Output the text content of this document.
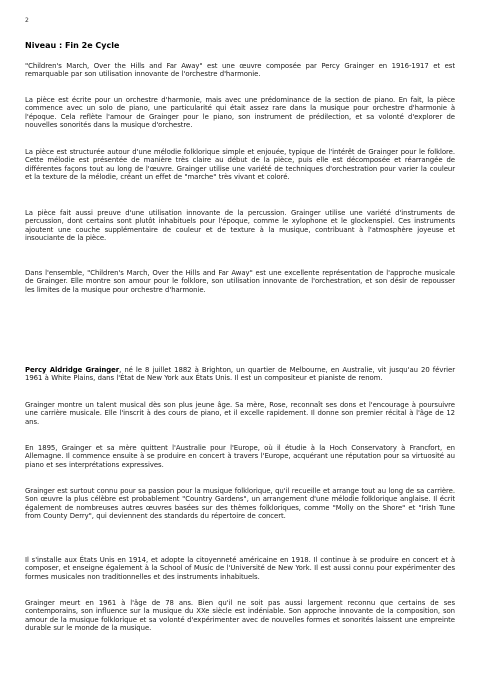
2
Niveau : Fin 2e Cycle

"Children's March, Over the Hills and Far Away" est une œuvre composée par Percy Grainger en 1916-1917 et est remarquable par son utilisation innovante de l'orchestre d'harmonie.

La pièce est écrite pour un orchestre d'harmonie, mais avec une prédominance de la section de piano. En fait, la pièce commence avec un solo de piano, une particularité qui était assez rare dans la musique pour orchestre d'harmonie à l'époque. Cela reflète l'amour de Grainger pour le piano, son instrument de prédilection, et sa volonté d'explorer de nouvelles sonorités dans la musique d'orchestre.

La pièce est structurée autour d'une mélodie folklorique simple et enjouée, typique de l'intérêt de Grainger pour le folklore. Cette mélodie est présentée de manière très claire au début de la pièce, puis elle est décomposée et réarrangée de différentes façons tout au long de l'œuvre. Grainger utilise une variété de techniques d'orchestration pour varier la couleur et la texture de la mélodie, créant un effet de "marche" très vivant et coloré.

La pièce fait aussi preuve d'une utilisation innovante de la percussion. Grainger utilise une variété d'instruments de percussion, dont certains sont plutôt inhabituels pour l'époque, comme le xylophone et le glockenspiel. Ces instruments ajoutent une couche supplémentaire de couleur et de texture à la musique, contribuant à l'atmosphère joyeuse et insouciante de la pièce.

Dans l'ensemble, "Children's March, Over the Hills and Far Away" est une excellente représentation de l'approche musicale de Grainger. Elle montre son amour pour le folklore, son utilisation innovante de l'orchestration, et son désir de repousser les limites de la musique pour orchestre d'harmonie.

Percy Aldridge Grainger, né le 8 juillet 1882 à Brighton, un quartier de Melbourne, en Australie, vit jusqu'au 20 février 1961 à White Plains, dans l'État de New York aux États Unis. Il est un compositeur et pianiste de renom.

Grainger montre un talent musical dès son plus jeune âge. Sa mère, Rose, reconnaît ses dons et l'encourage à poursuivre une carrière musicale. Elle l'inscrit à des cours de piano, et il excelle rapidement. Il donne son premier récital à l'âge de 12 ans.

En 1895, Grainger et sa mère quittent l'Australie pour l'Europe, où il étudie à la Hoch Conservatory à Francfort, en Allemagne. Il commence ensuite à se produire en concert à travers l'Europe, acquérant une réputation pour sa virtuosité au piano et ses interprétations expressives.

Grainger est surtout connu pour sa passion pour la musique folklorique, qu'il recueille et arrange tout au long de sa carrière. Son œuvre la plus célèbre est probablement "Country Gardens", un arrangement d'une mélodie folklorique anglaise. Il écrit également de nombreuses autres œuvres basées sur des thèmes folkloriques, comme "Molly on the Shore" et "Irish Tune from County Derry", qui deviennent des standards du répertoire de concert.

Il s'installe aux États Unis en 1914, et adopte la citoyenneté américaine en 1918. Il continue à se produire en concert et à composer, et enseigne également à la School of Music de l'Université de New York. Il est aussi connu pour expérimenter des formes musicales non traditionnelles et des instruments inhabituels.

Grainger meurt en 1961 à l'âge de 78 ans. Bien qu'il ne soit pas aussi largement reconnu que certains de ses contemporains, son influence sur la musique du XXe siècle est indéniable. Son approche innovante de la composition, son amour de la musique folklorique et sa volonté d'expérimenter avec de nouvelles formes et sonorités laissent une empreinte durable sur le monde de la musique.
